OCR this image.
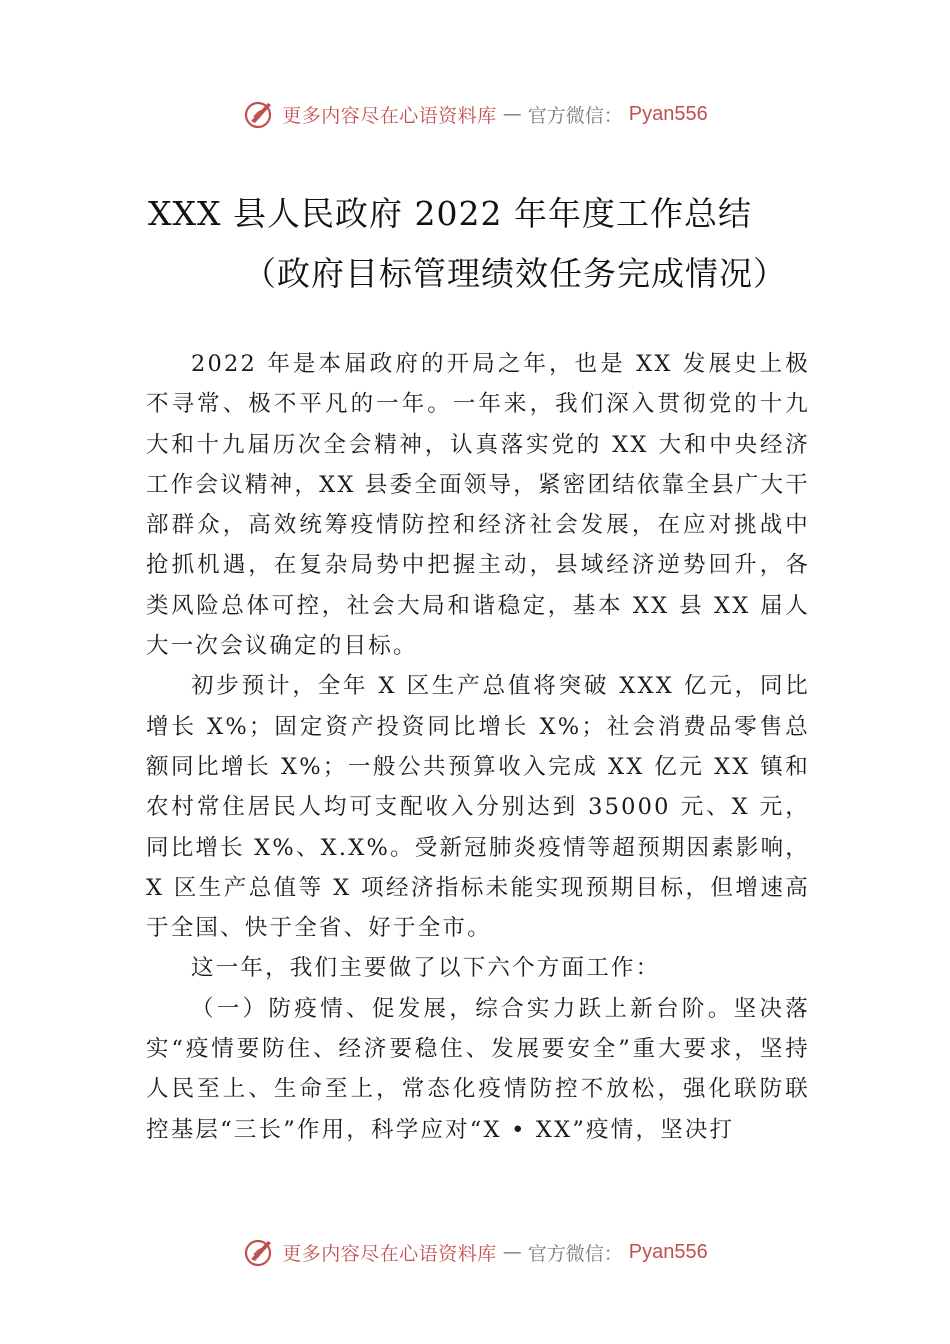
更多内容尽在心语资料库 — 官方微信： Pyan556
XXX 县人民政府 2022 年年度工作总结
（政府目标管理绩效任务完成情况）

2022 年是本届政府的开局之年，也是 XX 发展史上极不寻常、极不平凡的一年。一年来，我们深入贯彻党的十九大和十九届历次全会精神，认真落实党的 XX 大和中央经济工作会议精神，XX 县委全面领导，紧密团结依靠全县广大干部群众，高效统筹疫情防控和经济社会发展，在应对挑战中抢抓机遇，在复杂局势中把握主动，县域经济逆势回升，各类风险总体可控，社会大局和谐稳定，基本 XX 县 XX 届人大一次会议确定的目标。

初步预计，全年 X 区生产总值将突破 XXX 亿元，同比增长 X%；固定资产投资同比增长 X%；社会消费品零售总额同比增长 X%；一般公共预算收入完成 XX 亿元 XX 镇和农村常住居民人均可支配收入分别达到 35000 元、X 元， 同比增长 X%、X.X%。受新冠肺炎疫情等超预期因素影响，X 区生产总值等 X 项经济指标未能实现预期目标，但增速高于全国、快于全省、好于全市。

这一年，我们主要做了以下六个方面工作：

（一）防疫情、促发展，综合实力跃上新台阶。坚决落实“疫情要防住、经济要稳住、发展要安全”重大要求，坚持人民至上、生命至上，常态化疫情防控不放松，强化联防联控基层“三长”作用，科学应对“X • XX”疫情，坚决打

更多内容尽在心语资料库 — 官方微信： Pyan556
